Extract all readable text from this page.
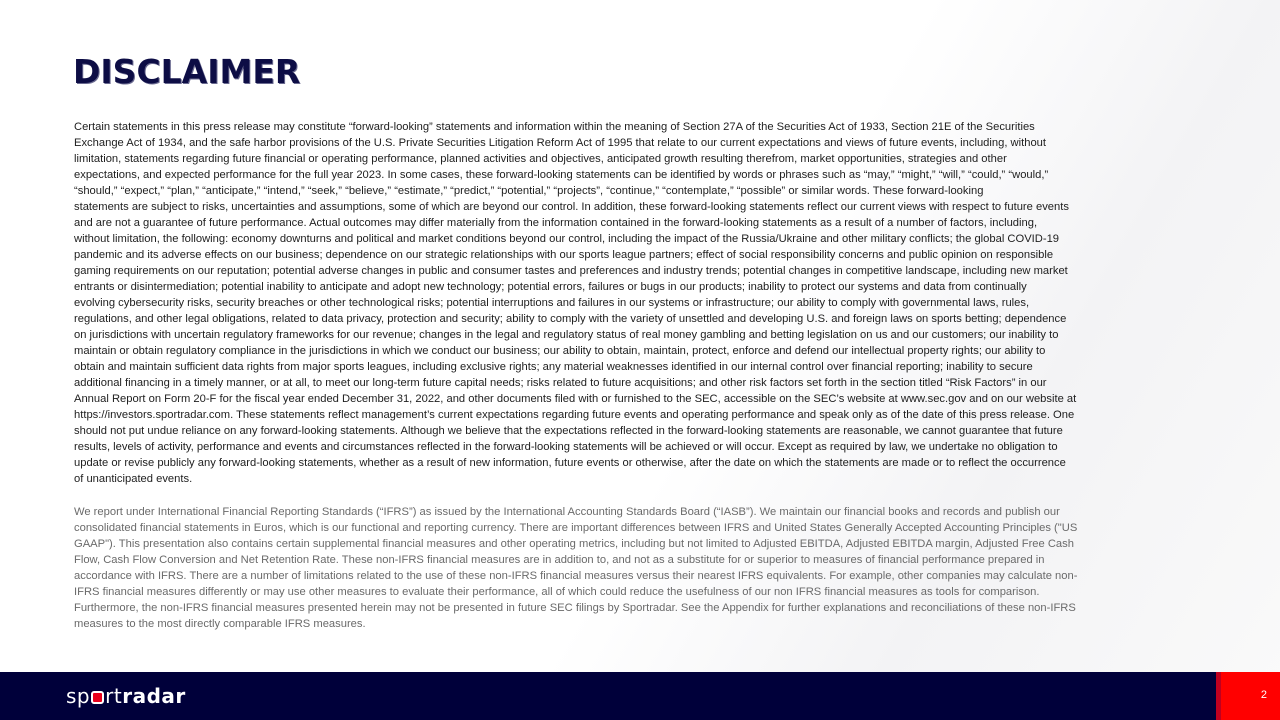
DISCLAIMER
Certain statements in this press release may constitute “forward-looking” statements and information within the meaning of Section 27A of the Securities Act of 1933, Section 21E of the Securities
Exchange Act of 1934, and the safe harbor provisions of the U.S. Private Securities Litigation Reform Act of 1995 that relate to our current expectations and views of future events, including, without
limitation, statements regarding future financial or operating performance, planned activities and objectives, anticipated growth resulting therefrom, market opportunities, strategies and other
expectations, and expected performance for the full year 2023. In some cases, these forward-looking statements can be identified by words or phrases such as “may,” “might,” “will,” “could,” “would,”
“should,” “expect,” “plan,” “anticipate,” “intend,” “seek,” “believe,” “estimate,” “predict,” “potential,” “projects”, “continue,” “contemplate,” “possible” or similar words. These forward-looking
statements are subject to risks, uncertainties and assumptions, some of which are beyond our control. In addition, these forward-looking statements reflect our current views with respect to future events
and are not a guarantee of future performance. Actual outcomes may differ materially from the information contained in the forward-looking statements as a result of a number of factors, including,
without limitation, the following: economy downturns and political and market conditions beyond our control, including the impact of the Russia/Ukraine and other military conflicts; the global COVID-19
pandemic and its adverse effects on our business; dependence on our strategic relationships with our sports league partners; effect of social responsibility concerns and public opinion on responsible
gaming requirements on our reputation; potential adverse changes in public and consumer tastes and preferences and industry trends; potential changes in competitive landscape, including new market
entrants or disintermediation; potential inability to anticipate and adopt new technology; potential errors, failures or bugs in our products; inability to protect our systems and data from continually
evolving cybersecurity risks, security breaches or other technological risks; potential interruptions and failures in our systems or infrastructure; our ability to comply with governmental laws, rules,
regulations, and other legal obligations, related to data privacy, protection and security; ability to comply with the variety of unsettled and developing U.S. and foreign laws on sports betting; dependence
on jurisdictions with uncertain regulatory frameworks for our revenue; changes in the legal and regulatory status of real money gambling and betting legislation on us and our customers; our inability to
maintain or obtain regulatory compliance in the jurisdictions in which we conduct our business; our ability to obtain, maintain, protect, enforce and defend our intellectual property rights; our ability to
obtain and maintain sufficient data rights from major sports leagues, including exclusive rights; any material weaknesses identified in our internal control over financial reporting; inability to secure
additional financing in a timely manner, or at all, to meet our long-term future capital needs; risks related to future acquisitions; and other risk factors set forth in the section titled “Risk Factors” in our
Annual Report on Form 20-F for the fiscal year ended December 31, 2022, and other documents filed with or furnished to the SEC, accessible on the SEC’s website at www.sec.gov and on our website at
https://investors.sportradar.com. These statements reflect management’s current expectations regarding future events and operating performance and speak only as of the date of this press release. One
should not put undue reliance on any forward-looking statements. Although we believe that the expectations reflected in the forward-looking statements are reasonable, we cannot guarantee that future
results, levels of activity, performance and events and circumstances reflected in the forward-looking statements will be achieved or will occur. Except as required by law, we undertake no obligation to
update or revise publicly any forward-looking statements, whether as a result of new information, future events or otherwise, after the date on which the statements are made or to reflect the occurrence
of unanticipated events.
We report under International Financial Reporting Standards (“IFRS”) as issued by the International Accounting Standards Board (“IASB”). We maintain our financial books and records and publish our
consolidated financial statements in Euros, which is our functional and reporting currency. There are important differences between IFRS and United States Generally Accepted Accounting Principles ("US
GAAP"). This presentation also contains certain supplemental financial measures and other operating metrics, including but not limited to Adjusted EBITDA, Adjusted EBITDA margin, Adjusted Free Cash
Flow, Cash Flow Conversion and Net Retention Rate. These non-IFRS financial measures are in addition to, and not as a substitute for or superior to measures of financial performance prepared in
accordance with IFRS. There are a number of limitations related to the use of these non-IFRS financial measures versus their nearest IFRS equivalents. For example, other companies may calculate non-
IFRS financial measures differently or may use other measures to evaluate their performance, all of which could reduce the usefulness of our non IFRS financial measures as tools for comparison.
Furthermore, the non-IFRS financial measures presented herein may not be presented in future SEC filings by Sportradar. See the Appendix for further explanations and reconciliations of these non-IFRS
measures to the most directly comparable IFRS measures.
sp rtradar	2
